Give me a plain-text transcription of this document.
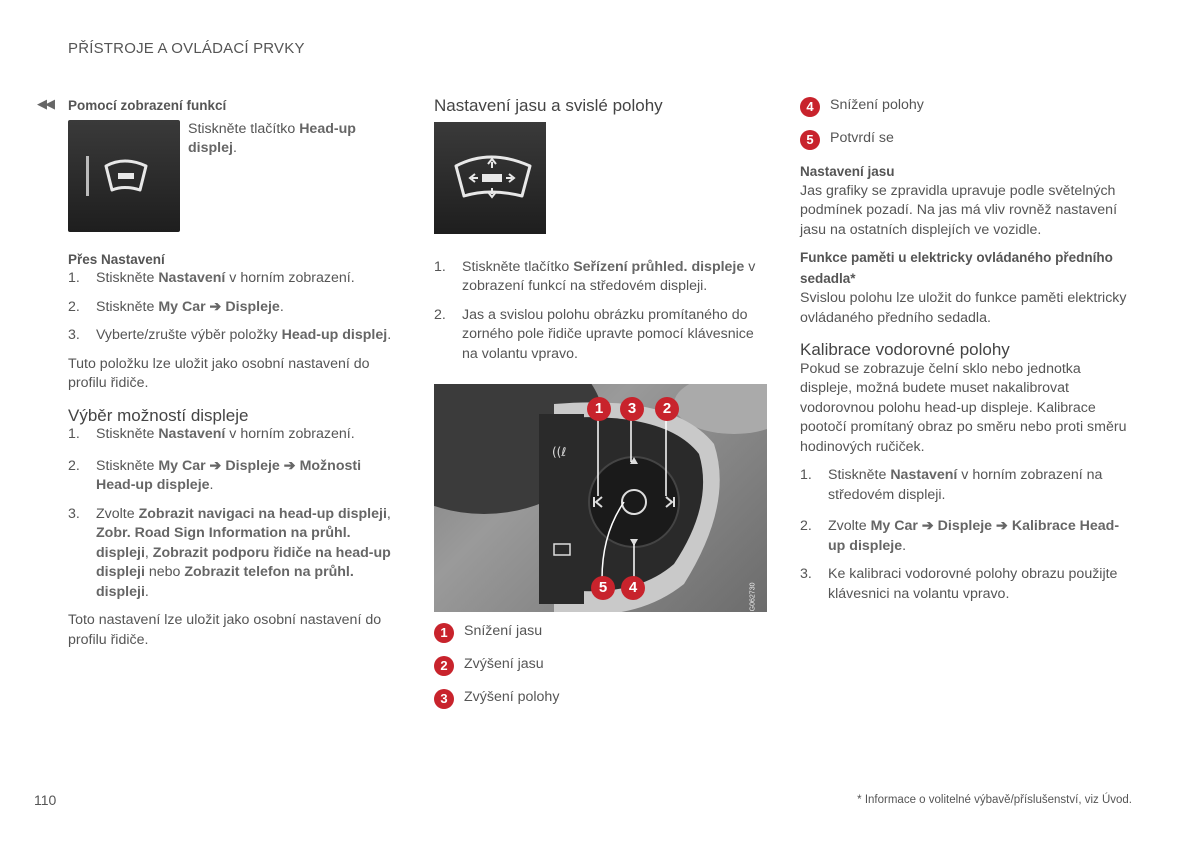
PŘÍSTROJE A OVLÁDACÍ PRVKY
◀◀ Pomocí zobrazení funkcí
Stiskněte tlačítko Head-up displej.
Přes Nastavení
1. Stiskněte Nastavení v horním zobrazení.
2. Stiskněte My Car ➔ Displeje.
3. Vyberte/zrušte výběr položky Head-up displej.

Tuto položku lze uložit jako osobní nastavení do profilu řidiče.

Výběr možností displeje
1. Stiskněte Nastavení v horním zobrazení.
2. Stiskněte My Car ➔ Displeje ➔ Možnosti Head-up displeje.
3. Zvolte Zobrazit navigaci na head-up displeji, Zobr. Road Sign Information na průhl. displeji, Zobrazit podporu řidiče na head-up displeji nebo Zobrazit telefon na průhl. displeji.

Toto nastavení lze uložit jako osobní nastavení do profilu řidiče.

Nastavení jasu a svislé polohy
1. Stiskněte tlačítko Seřízení průhled. displeje v zobrazení funkcí na středovém displeji.
2. Jas a svislou polohu obrázku promítaného do zorného pole řidiče upravte pomocí klávesnice na volantu vpravo.
((ℓ
1	3	2
5	4	G062730
1	Snížení jasu
2	Zvýšení jasu
3	Zvýšení polohy
4	Snížení polohy
5	Potvrdí se
Nastavení jasu

Jas grafiky se zpravidla upravuje podle světelných podmínek pozadí. Na jas má vliv rovněž nastavení jasu na ostatních displejích ve vozidle.

Funkce paměti u elektricky ovládaného předního sedadla*

Svislou polohu lze uložit do funkce paměti elektricky ovládaného předního sedadla.

Kalibrace vodorovné polohy

Pokud se zobrazuje čelní sklo nebo jednotka displeje, možná budete muset nakalibrovat vodorovnou polohu head-up displeje. Kalibrace pootočí promítaný obraz po směru nebo proti směru hodinových ručiček.

1. Stiskněte Nastavení v horním zobrazení na středovém displeji.
2. Zvolte My Car ➔ Displeje ➔ Kalibrace Head-up displeje.
3. Ke kalibraci vodorovné polohy obrazu použijte klávesnici na volantu vpravo.
110	* Informace o volitelné výbavě/příslušenství, viz Úvod.
